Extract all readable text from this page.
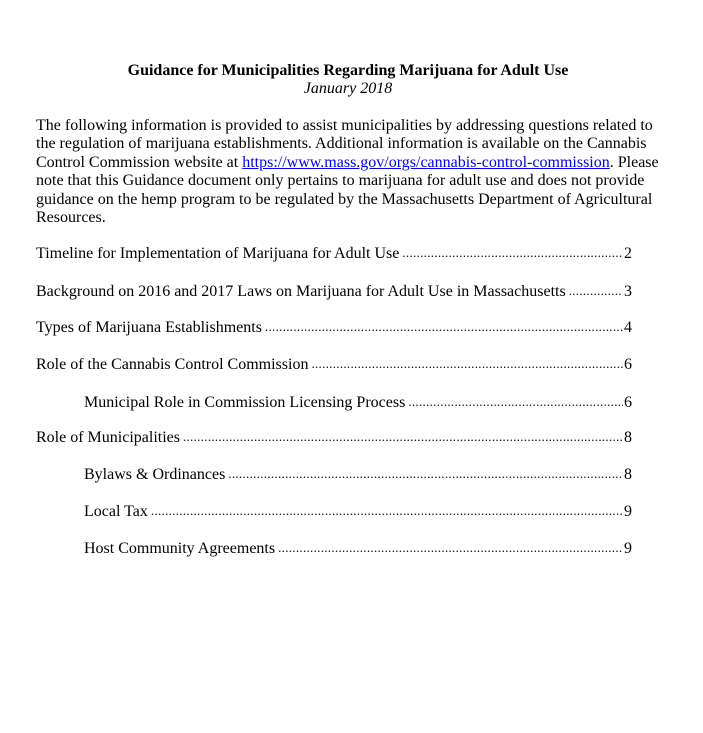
Guidance for Municipalities Regarding Marijuana for Adult Use
January 2018

The following information is provided to assist municipalities by addressing questions related to the regulation of marijuana establishments. Additional information is available on the Cannabis Control Commission website at https://www.mass.gov/orgs/cannabis-control-commission. Please note that this Guidance document only pertains to marijuana for adult use and does not provide guidance on the hemp program to be regulated by the Massachusetts Department of Agricultural Resources.

Timeline for Implementation of Marijuana for Adult Use .....	2
Background on 2016 and 2017 Laws on Marijuana for Adult Use in Massachusetts .....	3
Types of Marijuana Establishments .....	4
Role of the Cannabis Control Commission .....	6
Municipal Role in Commission Licensing Process .....	6
Role of Municipalities .....	8
Bylaws & Ordinances .....	8
Local Tax .....	9
Host Community Agreements .....	9
